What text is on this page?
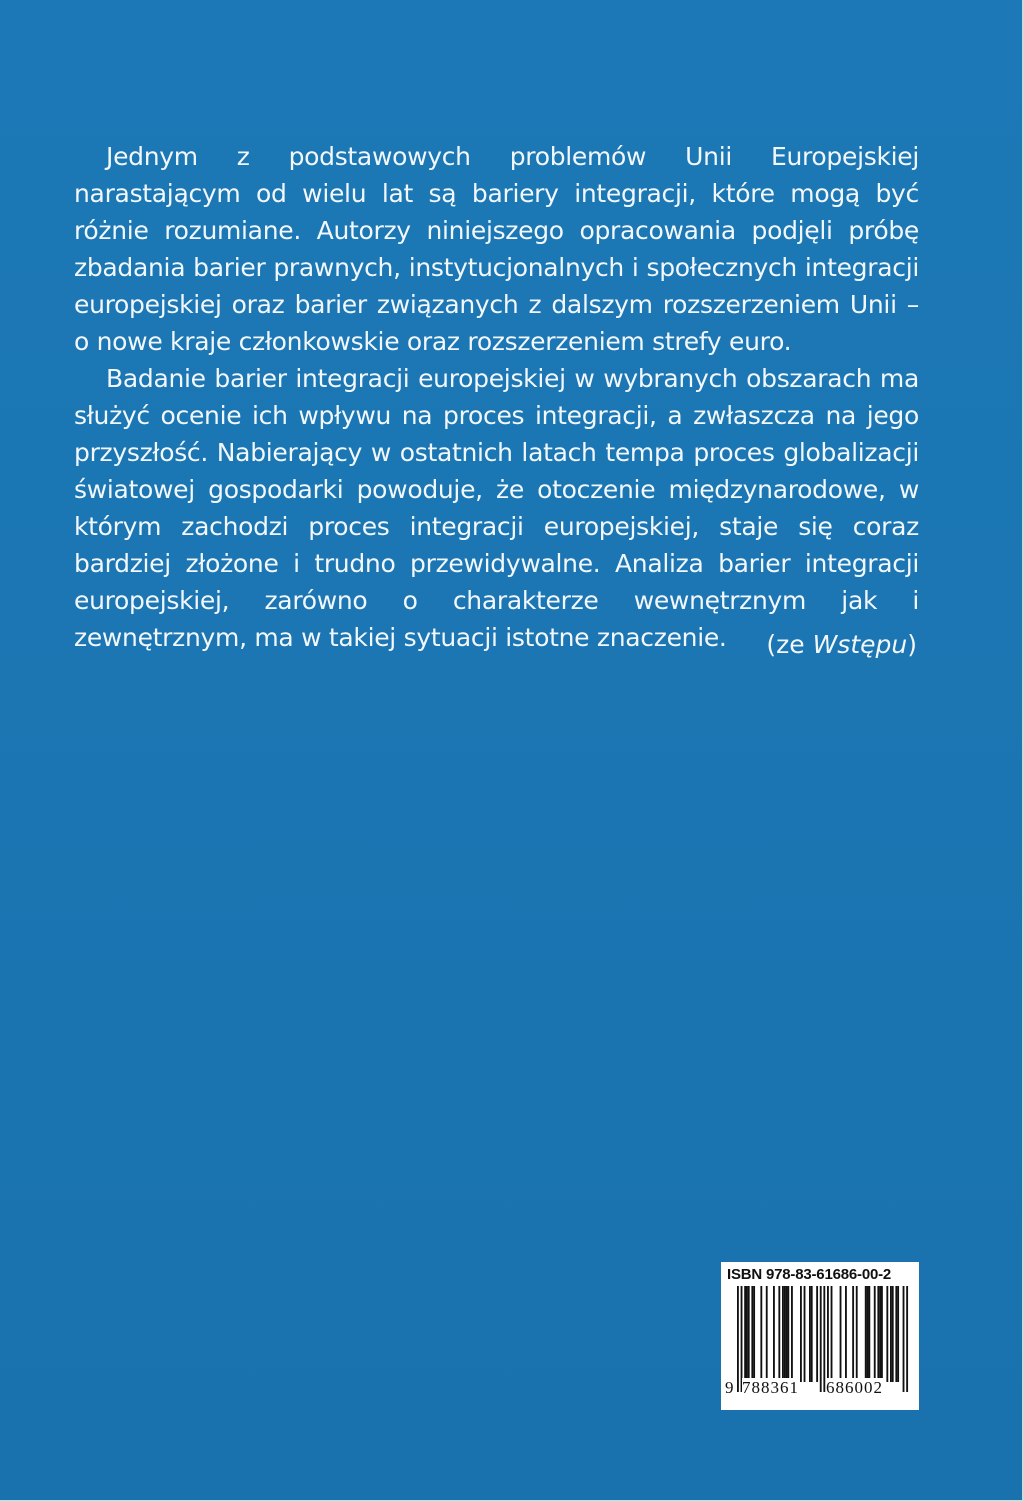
Jednym z podstawowych problemów Unii Europejskiej narastającym od wielu lat są bariery integracji, które mogą być różnie rozumiane. Autorzy niniejszego opracowania podjęli próbę zbadania barier prawnych, instytucjonalnych i społecznych integracji europejskiej oraz barier związanych z dalszym rozszerzeniem Unii – o nowe kraje członkowskie oraz rozszerzeniem strefy euro.

Badanie barier integracji europejskiej w wybranych obszarach ma służyć ocenie ich wpływu na proces integracji, a zwłaszcza na jego przyszłość. Nabierający w ostatnich latach tempa proces globalizacji światowej gospodarki powoduje, że otoczenie międzynarodowe, w którym zachodzi proces integracji europejskiej, staje się coraz bardziej złożone i trudno przewidywalne. Analiza barier integracji europejskiej, zarówno o charakterze wewnętrznym jak i zewnętrznym, ma w takiej sytuacji istotne znaczenie.	(ze Wstępu)
ISBN 978-83-61686-00-2
9 788361 686002
